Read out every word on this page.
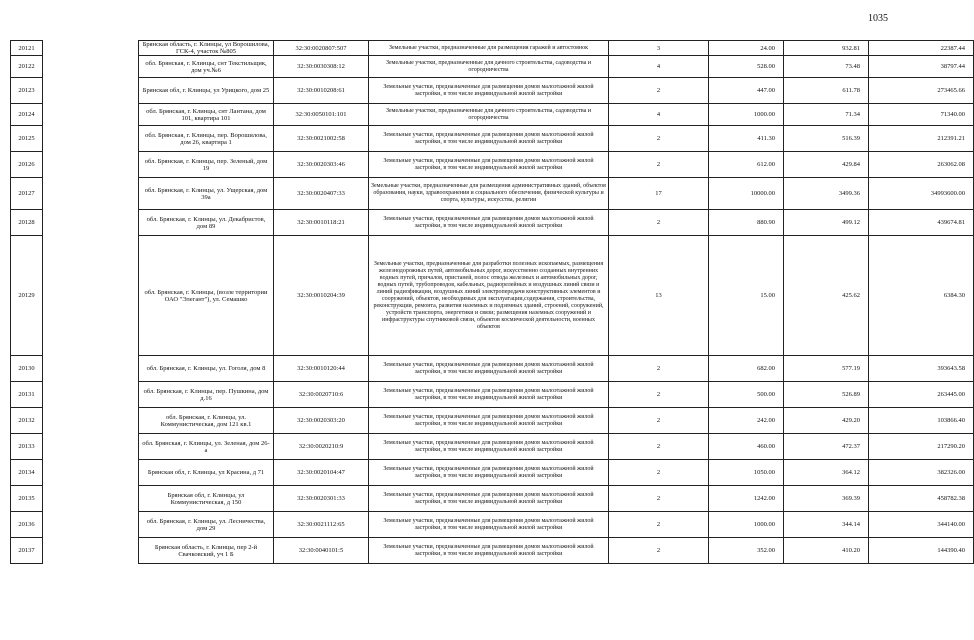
1035
20121		Брянская область, г. Клинцы, ул Ворошилова, ГСК-4, участок №805	32:30:0020807:507	Земельные участки, предназначенные для размещения гаражей и автостоянок	3	24.00	932.81	22387.44
20122		обл. Брянская, г. Клинцы, снт Текстильщик, дом уч.№6	32:30:0030308:12	Земельные участки, предназначенные для дачного строительства, садоводства и огородничества	4	528.00	73.48	38797.44
20123		Брянская обл, г. Клинцы, ул Урицкого, дом 25	32:30:0010208:61	Земельные участки, предназначенные для размещения домов малоэтажной жилой застройки, в том числе индивидуальной жилой застройки	2	447.00	611.78	273465.66
20124		обл. Брянская, г. Клинцы, снт Лантана, дом 101, квартира 101	32:30:0050101:101	Земельные участки, предназначенные для дачного строительства, садоводства и огородничества	4	1000.00	71.34	71340.00
20125		обл. Брянская, г. Клинцы, пер. Ворошилова, дом 26, квартира 1	32:30:0021002:58	Земельные участки, предназначенные для размещения домов малоэтажной жилой застройки, в том числе индивидуальной жилой застройки	2	411.30	516.39	212391.21
20126		обл. Брянская, г. Клинцы, пер. Зеленый, дом 19	32:30:0020303:46	Земельные участки, предназначенные для размещения домов малоэтажной жилой застройки, в том числе индивидуальной жилой застройки	2	612.00	429.84	263062.08
20127		обл. Брянская, г. Клинцы, ул. Ущерская, дом 39а	32:30:0020407:33	Земельные участки, предназначенные для размещения административных зданий, объектов образования, науки, здравоохранения и социального обеспечения, физической культуры и спорта, культуры, искусства, религии	17	10000.00	3499.36	34993600.00
20128		обл. Брянская, г. Клинцы, ул. Декабристов, дом 89	32:30:0010118:21	Земельные участки, предназначенные для размещения домов малоэтажной жилой застройки, в том числе индивидуальной жилой застройки	2	880.90	499.12	439674.81
20129		обл. Брянская, г. Клинцы, (возле территории ОАО "Элегант"), ул. Семашко	32:30:0010204:39	Земельные участки, предназначенные для разработки полезных ископаемых, размещения железнодорожных путей, автомобильных дорог, искусственно созданных внутренних водных путей, причалов, пристаней, полос отвода железных и автомобильных дорог, водных путей, трубопроводов, кабельных, радиорелейных и воздушных линий связи и линий радиофикации, воздушных линий электропередачи конструктивных элементов и сооружений, объектов, необходимых для эксплуатации,содержания, строительства, реконструкции, ремонта, развития наземных и подземных зданий, строений, сооружений, устройств транспорта, энергетики и связи; размещения наземных сооружений и инфраструктуры спутниковой связи, объектов космической деятельности, военных объектов	13	15.00	425.62	6384.30
20130		обл. Брянская, г. Клинцы, ул. Гоголя, дом 8	32:30:0010120:44	Земельные участки, предназначенные для размещения домов малоэтажной жилой застройки, в том числе индивидуальной жилой застройки	2	682.00	577.19	393643.58
20131		обл. Брянская, г. Клинцы, пер. Пушкина, дом д.16	32:30:0020710:6	Земельные участки, предназначенные для размещения домов малоэтажной жилой застройки, в том числе индивидуальной жилой застройки	2	500.00	526.89	263445.00
20132		обл. Брянская, г. Клинцы, ул. Коммунистическая, дом 121 кв.1	32:30:0020303:20	Земельные участки, предназначенные для размещения домов малоэтажной жилой застройки, в том числе индивидуальной жилой застройки	2	242.00	429.20	103866.40
20133		обл. Брянская, г. Клинцы, ул. Зеленая, дом 26-а	32:30:0020210:9	Земельные участки, предназначенные для размещения домов малоэтажной жилой застройки, в том числе индивидуальной жилой застройки	2	460.00	472.37	217290.20
20134		Брянская обл, г. Клинцы, ул Красина, д 71	32:30:0020104:47	Земельные участки, предназначенные для размещения домов малоэтажной жилой застройки, в том числе индивидуальной жилой застройки	2	1050.00	364.12	382326.00
20135		Брянская обл, г. Клинцы, ул Коммунистическая, д 150	32:30:0020301:33	Земельные участки, предназначенные для размещения домов малоэтажной жилой застройки, в том числе индивидуальной жилой застройки	2	1242.00	369.39	458782.38
20136		обл. Брянская, г. Клинцы, ул. Лесничества, дом 29	32:30:0021112:65	Земельные участки, предназначенные для размещения домов малоэтажной жилой застройки, в том числе индивидуальной жилой застройки	2	1000.00	344.14	344140.00
20137		Брянская область, г. Клинцы, пер 2-й Свачковский, уч 1 Б	32:30:0040101:5	Земельные участки, предназначенные для размещения домов малоэтажной жилой застройки, в том числе индивидуальной жилой застройки	2	352.00	410.20	144390.40
